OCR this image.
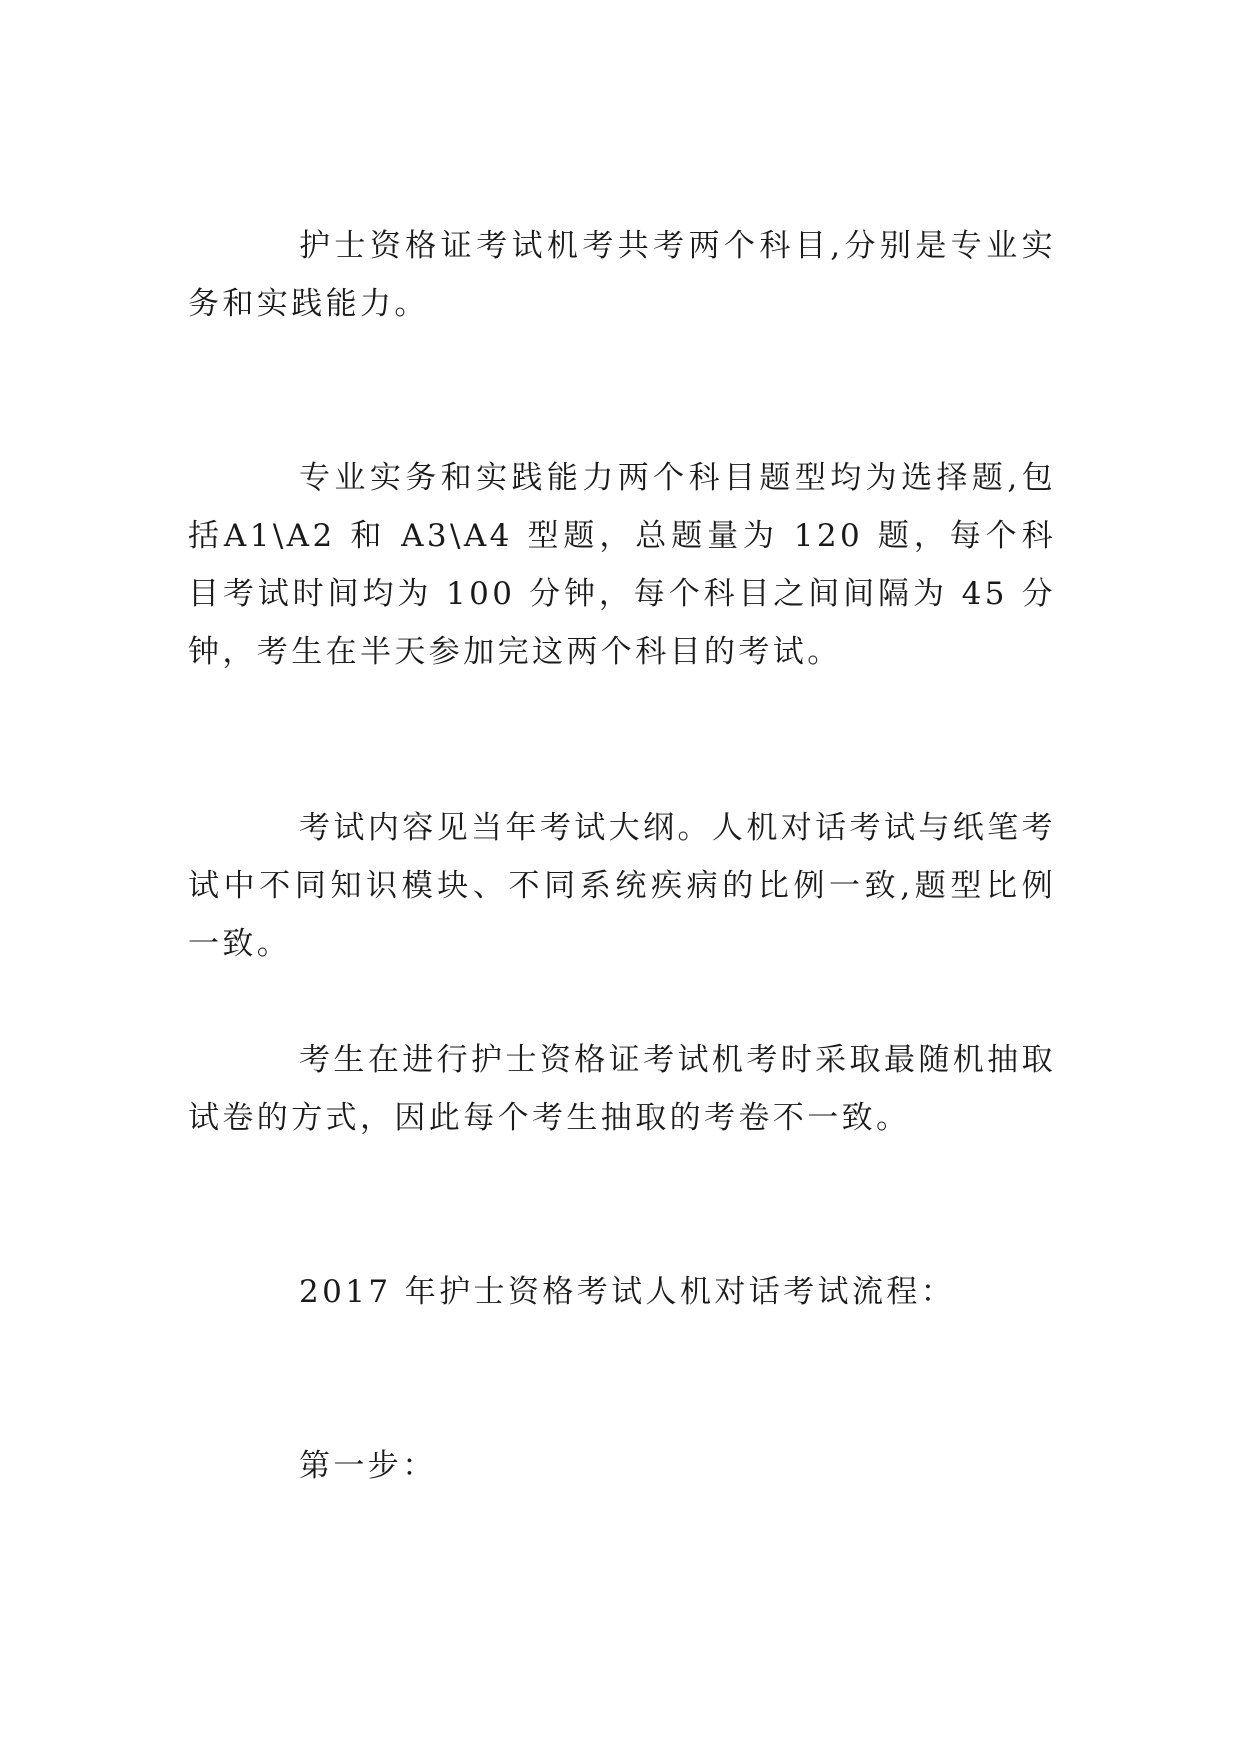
护士资格证考试机考共考两个科目,分别是专业实务和实践能力。

专业实务和实践能力两个科目题型均为选择题,包括A1\A2 和 A3\A4 型题，总题量为 120 题，每个科目考试时间均为 100 分钟，每个科目之间间隔为 45 分钟，考生在半天参加完这两个科目的考试。

考试内容见当年考试大纲。人机对话考试与纸笔考试中不同知识模块、不同系统疾病的比例一致,题型比例一致。

考生在进行护士资格证考试机考时采取最随机抽取试卷的方式，因此每个考生抽取的考卷不一致。

2017 年护士资格考试人机对话考试流程：

第一步：
